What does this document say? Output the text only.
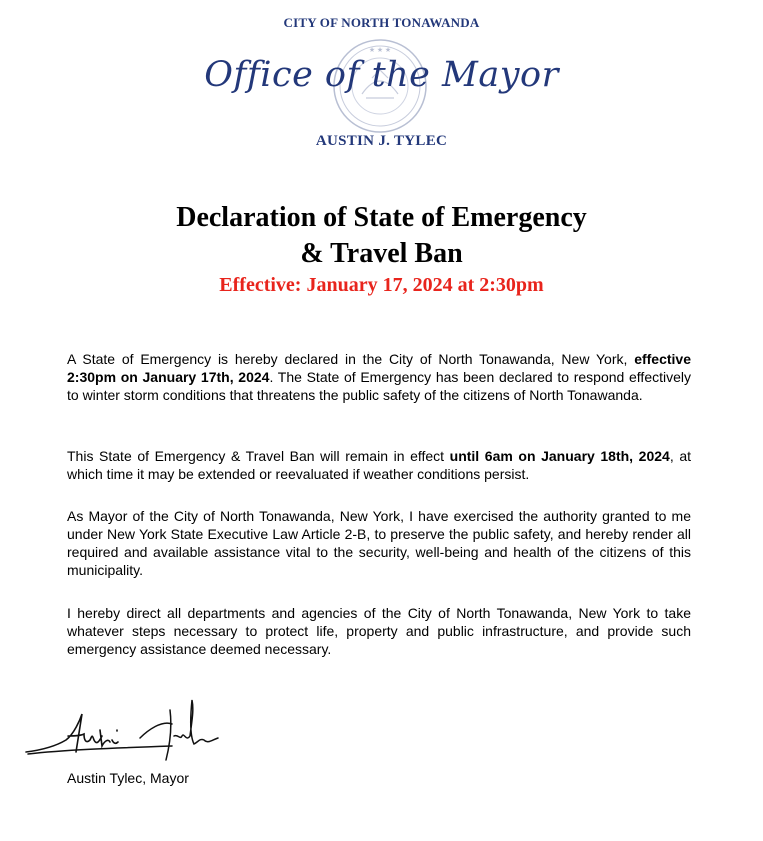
CITY OF NORTH TONAWANDA
★ ★ ★
Office of the Mayor
AUSTIN J. TYLEC
Declaration of State of Emergency
& Travel Ban
Effective: January 17, 2024 at 2:30pm

A State of Emergency is hereby declared in the City of North Tonawanda, New York, effective 2:30pm on January 17th, 2024. The State of Emergency has been declared to respond effectively to winter storm conditions that threatens the public safety of the citizens of North Tonawanda.

This State of Emergency & Travel Ban will remain in effect until 6am on January 18th, 2024, at which time it may be extended or reevaluated if weather conditions persist.

As Mayor of the City of North Tonawanda, New York, I have exercised the authority granted to me under New York State Executive Law Article 2-B, to preserve the public safety, and hereby render all required and available assistance vital to the security, well-being and health of the citizens of this municipality.

I hereby direct all departments and agencies of the City of North Tonawanda, New York to take whatever steps necessary to protect life, property and public infrastructure, and provide such emergency assistance deemed necessary.

Austin Tylec, Mayor
